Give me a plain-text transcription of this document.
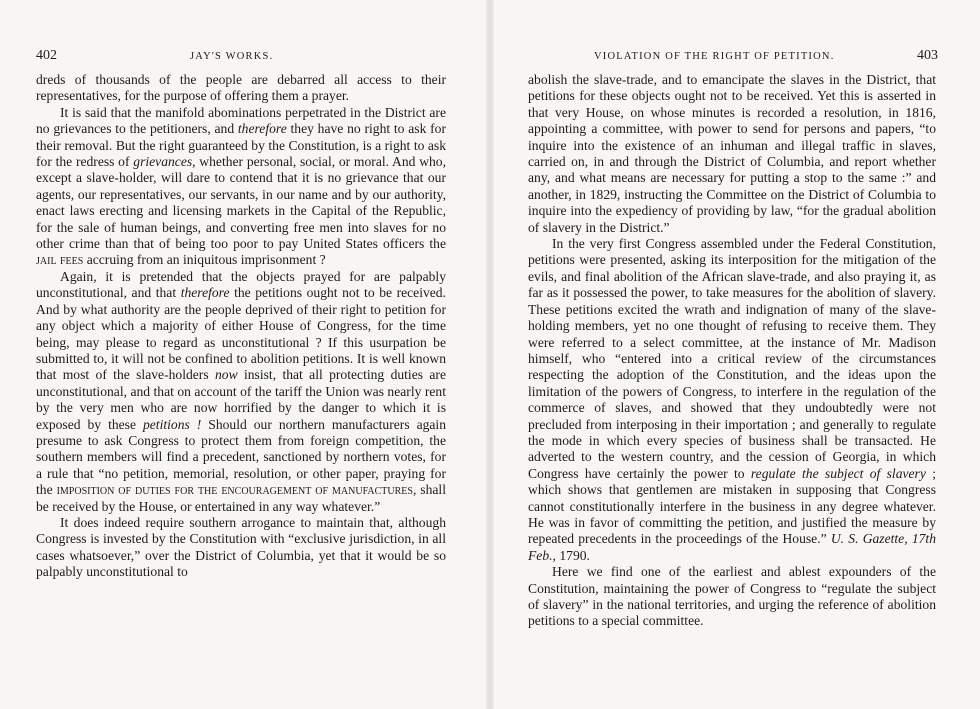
402	JAY'S WORKS.

dreds of thousands of the people are debarred all access to their representatives, for the purpose of offering them a prayer.

It is said that the manifold abominations perpetrated in the District are no grievances to the petitioners, and therefore they have no right to ask for their removal. But the right guaranteed by the Constitution, is a right to ask for the redress of grievances, whether personal, social, or moral. And who, except a slave-holder, will dare to contend that it is no grievance that our agents, our representatives, our servants, in our name and by our authority, enact laws erecting and licensing markets in the Capital of the Republic, for the sale of human beings, and converting free men into slaves for no other crime than that of being too poor to pay United States officers the jail fees accruing from an iniquitous imprisonment ?

Again, it is pretended that the objects prayed for are palpably unconstitutional, and that therefore the petitions ought not to be received. And by what authority are the people deprived of their right to petition for any object which a majority of either House of Congress, for the time being, may please to regard as unconstitutional ? If this usurpation be submitted to, it will not be confined to abolition petitions. It is well known that most of the slave-holders now insist, that all protecting duties are unconstitutional, and that on account of the tariff the Union was nearly rent by the very men who are now horrified by the danger to which it is exposed by these petitions ! Should our northern manufacturers again presume to ask Congress to protect them from foreign competition, the southern members will find a precedent, sanctioned by northern votes, for a rule that “no petition, memorial, resolution, or other paper, praying for the imposition of duties for the encouragement of manufactures, shall be received by the House, or entertained in any way whatever.”

It does indeed require southern arrogance to maintain that, although Congress is invested by the Constitution with “exclusive jurisdiction, in all cases whatsoever,” over the District of Columbia, yet that it would be so palpably unconstitutional to

VIOLATION OF THE RIGHT OF PETITION.	403

abolish the slave-trade, and to emancipate the slaves in the District, that petitions for these objects ought not to be received. Yet this is asserted in that very House, on whose minutes is recorded a resolution, in 1816, appointing a committee, with power to send for persons and papers, “to inquire into the existence of an inhuman and illegal traffic in slaves, carried on, in and through the District of Columbia, and report whether any, and what means are necessary for putting a stop to the same :” and another, in 1829, instructing the Committee on the District of Columbia to inquire into the expediency of providing by law, “for the gradual abolition of slavery in the District.”

In the very first Congress assembled under the Federal Constitution, petitions were presented, asking its interposition for the mitigation of the evils, and final abolition of the African slave-trade, and also praying it, as far as it possessed the power, to take measures for the abolition of slavery. These petitions excited the wrath and indignation of many of the slave-holding members, yet no one thought of refusing to receive them. They were referred to a select committee, at the instance of Mr. Madison himself, who “entered into a critical review of the circumstances respecting the adoption of the Constitution, and the ideas upon the limitation of the powers of Congress, to interfere in the regulation of the commerce of slaves, and showed that they undoubtedly were not precluded from interposing in their importation ; and generally to regulate the mode in which every species of business shall be transacted. He adverted to the western country, and the cession of Georgia, in which Congress have certainly the power to regulate the subject of slavery ; which shows that gentlemen are mistaken in supposing that Congress cannot constitutionally interfere in the business in any degree whatever. He was in favor of committing the petition, and justified the measure by repeated precedents in the proceedings of the House.” U. S. Gazette, 17th Feb., 1790.

Here we find one of the earliest and ablest expounders of the Constitution, maintaining the power of Congress to “regulate the subject of slavery” in the national territories, and urging the reference of abolition petitions to a special committee.
